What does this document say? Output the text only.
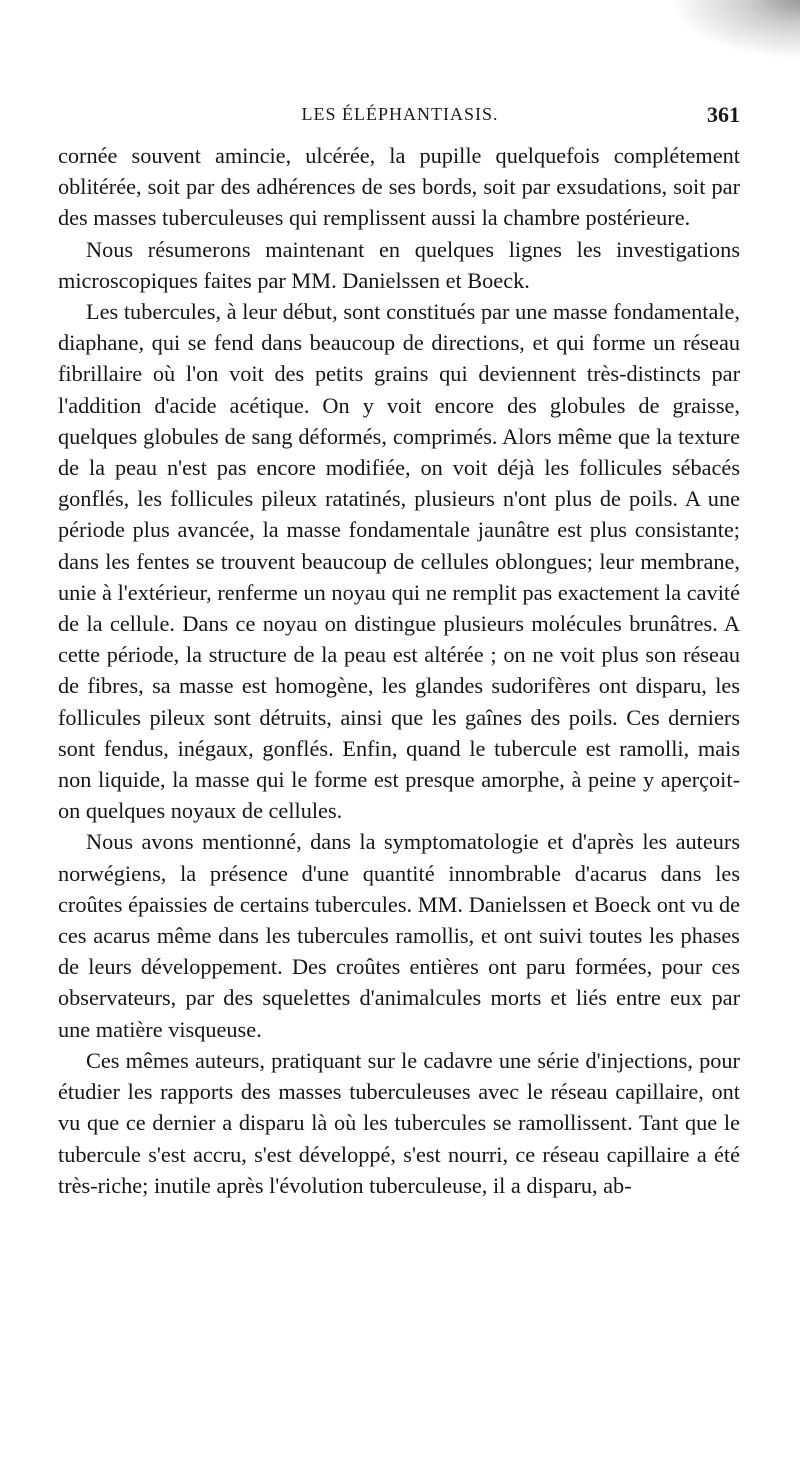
LES ÉLÉPHANTIASIS.	361

cornée souvent amincie, ulcérée, la pupille quelquefois complétement oblitérée, soit par des adhérences de ses bords, soit par exsudations, soit par des masses tuberculeuses qui remplissent aussi la chambre postérieure.

Nous résumerons maintenant en quelques lignes les investigations microscopiques faites par MM. Danielssen et Boeck.

Les tubercules, à leur début, sont constitués par une masse fondamentale, diaphane, qui se fend dans beaucoup de directions, et qui forme un réseau fibrillaire où l'on voit des petits grains qui deviennent très-distincts par l'addition d'acide acétique. On y voit encore des globules de graisse, quelques globules de sang déformés, comprimés. Alors même que la texture de la peau n'est pas encore modifiée, on voit déjà les follicules sébacés gonflés, les follicules pileux ratatinés, plusieurs n'ont plus de poils. A une période plus avancée, la masse fondamentale jaunâtre est plus consistante; dans les fentes se trouvent beaucoup de cellules oblongues; leur membrane, unie à l'extérieur, renferme un noyau qui ne remplit pas exactement la cavité de la cellule. Dans ce noyau on distingue plusieurs molécules brunâtres. A cette période, la structure de la peau est altérée ; on ne voit plus son réseau de fibres, sa masse est homogène, les glandes sudorifères ont disparu, les follicules pileux sont détruits, ainsi que les gaînes des poils. Ces derniers sont fendus, inégaux, gonflés. Enfin, quand le tubercule est ramolli, mais non liquide, la masse qui le forme est presque amorphe, à peine y aperçoit-on quelques noyaux de cellules.

Nous avons mentionné, dans la symptomatologie et d'après les auteurs norwégiens, la présence d'une quantité innombrable d'acarus dans les croûtes épaissies de certains tubercules. MM. Danielssen et Boeck ont vu de ces acarus même dans les tubercules ramollis, et ont suivi toutes les phases de leurs développement. Des croûtes entières ont paru formées, pour ces observateurs, par des squelettes d'animalcules morts et liés entre eux par une matière visqueuse.

Ces mêmes auteurs, pratiquant sur le cadavre une série d'injections, pour étudier les rapports des masses tuberculeuses avec le réseau capillaire, ont vu que ce dernier a disparu là où les tubercules se ramollissent. Tant que le tubercule s'est accru, s'est développé, s'est nourri, ce réseau capillaire a été très-riche; inutile après l'évolution tuberculeuse, il a disparu, ab-
